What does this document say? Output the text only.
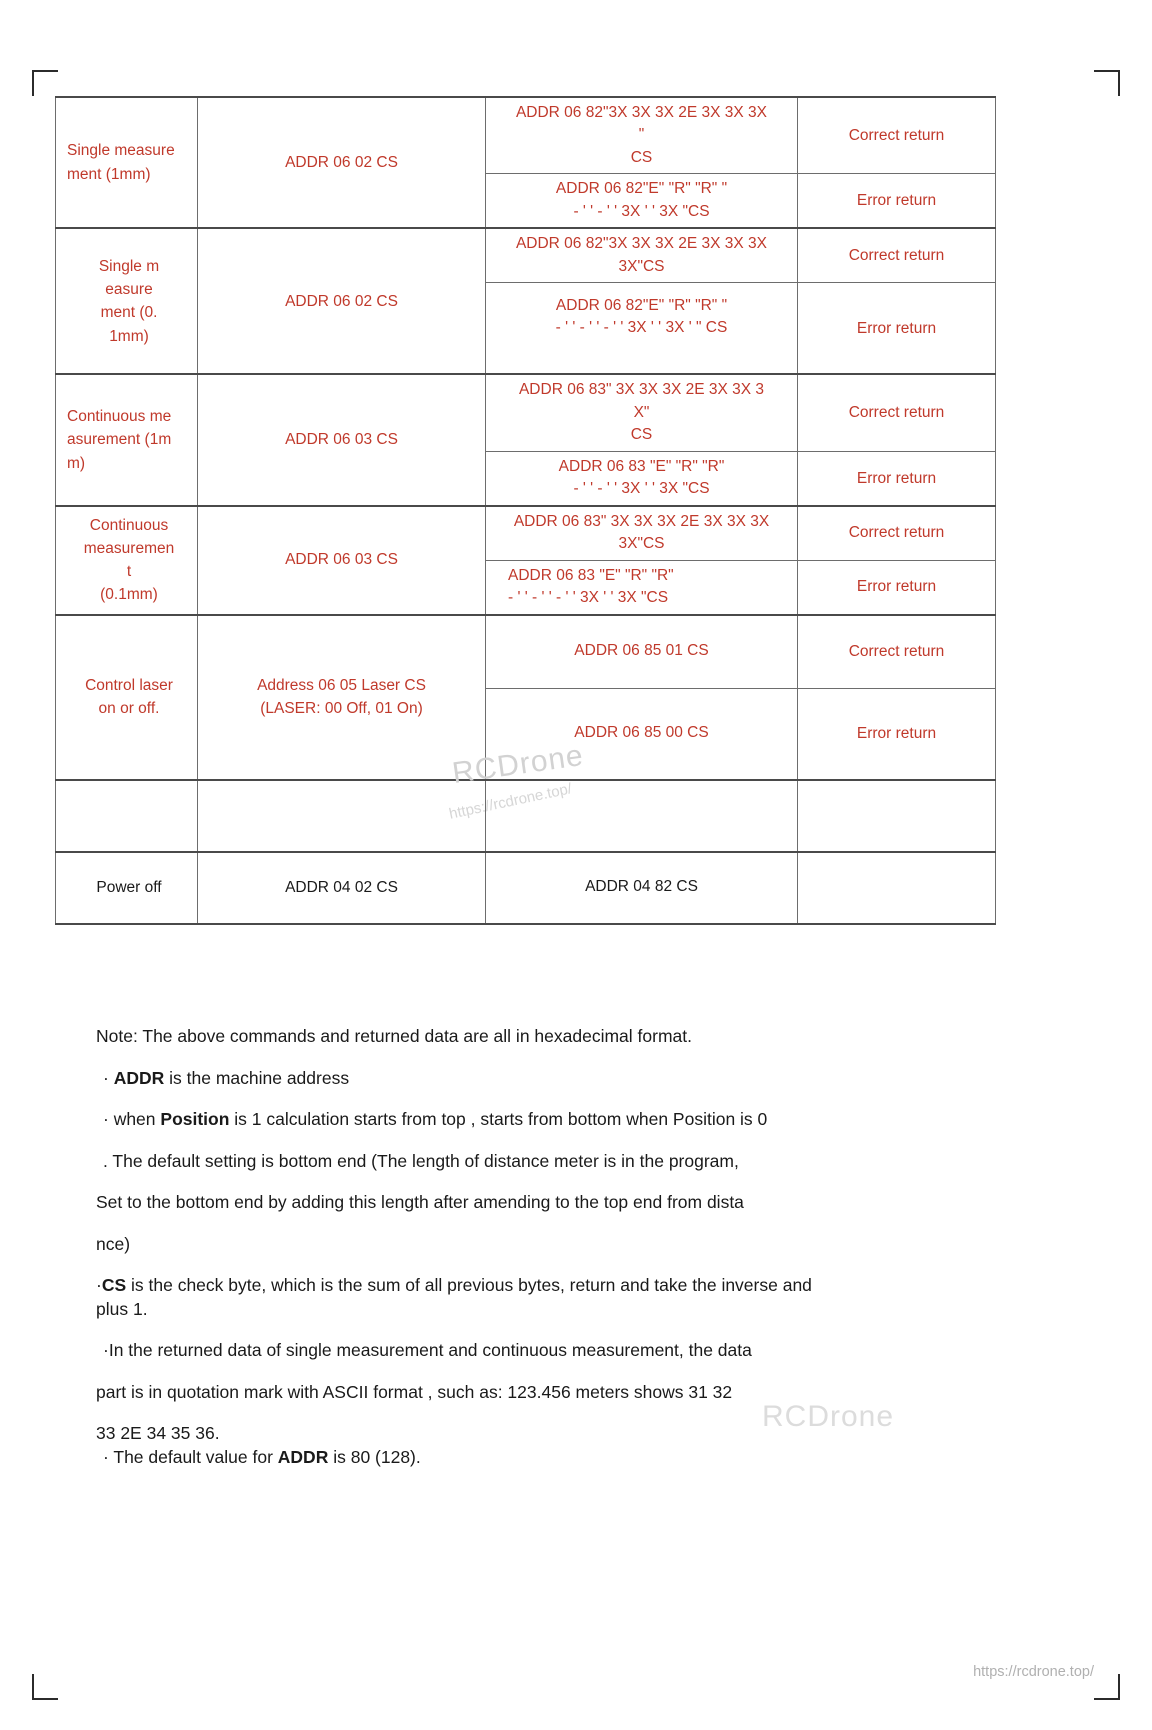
Single measure
ment (1mm)	ADDR 06 02 CS	ADDR 06 82"3X 3X 3X 2E 3X 3X 3X
"
CS	Correct return
		ADDR 06 82"E" "R" "R" "
- ' ' - ' ' 3X ' ' 3X "CS	Error return
Single m
easure
ment (0.
1mm)	ADDR 06 02 CS	ADDR 06 82"3X 3X 3X 2E 3X 3X 3X
3X"CS	Correct return

		ADDR 06 82"E" "R" "R" "
- ' ' - ' ' - ' ' 3X ' ' 3X ' " CS	Error return
Continuous me
asurement (1m
m)	ADDR 06 03 CS	ADDR 06 83" 3X 3X 3X 2E 3X 3X 3
X"
CS	Correct return
		ADDR 06 83 "E" "R" "R"
- ' ' - ' ' 3X ' ' 3X "CS	Error return
Continuous
measuremen
t
(0.1mm)	ADDR 06 03 CS	ADDR 06 83" 3X 3X 3X 2E 3X 3X 3X
3X"CS	Correct return
		ADDR 06 83 "E" "R" "R"
- ' ' - ' ' - ' ' 3X ' ' 3X "CS	Error return
Control laser
on or off.	Address 06 05 Laser CS
(LASER: 00 Off, 01 On)	ADDR 06 85 01 CS	Correct return
		ADDR 06 85 00 CS	Error return

Power off	ADDR 04 02 CS	ADDR 04 82 CS	
RCDrone
https://rcdrone.top/

Note: The above commands and returned data are all in hexadecimal format.

· ADDR is the machine address

· when Position is 1 calculation starts from top , starts from bottom when Position is 0

. The default setting is bottom end (The length of distance meter is in the program,

Set to the bottom end by adding this length after amending to the top end from dista

nce)

·CS is the check byte, which is the sum of all previous bytes, return and take the inverse and

plus 1.

·In the returned data of single measurement and continuous measurement, the data

part is in quotation mark with ASCII format , such as: 123.456 meters shows 31 32

33 2E 34 35 36.

· The default value for ADDR is 80 (128).

RCDrone
https://rcdrone.top/
